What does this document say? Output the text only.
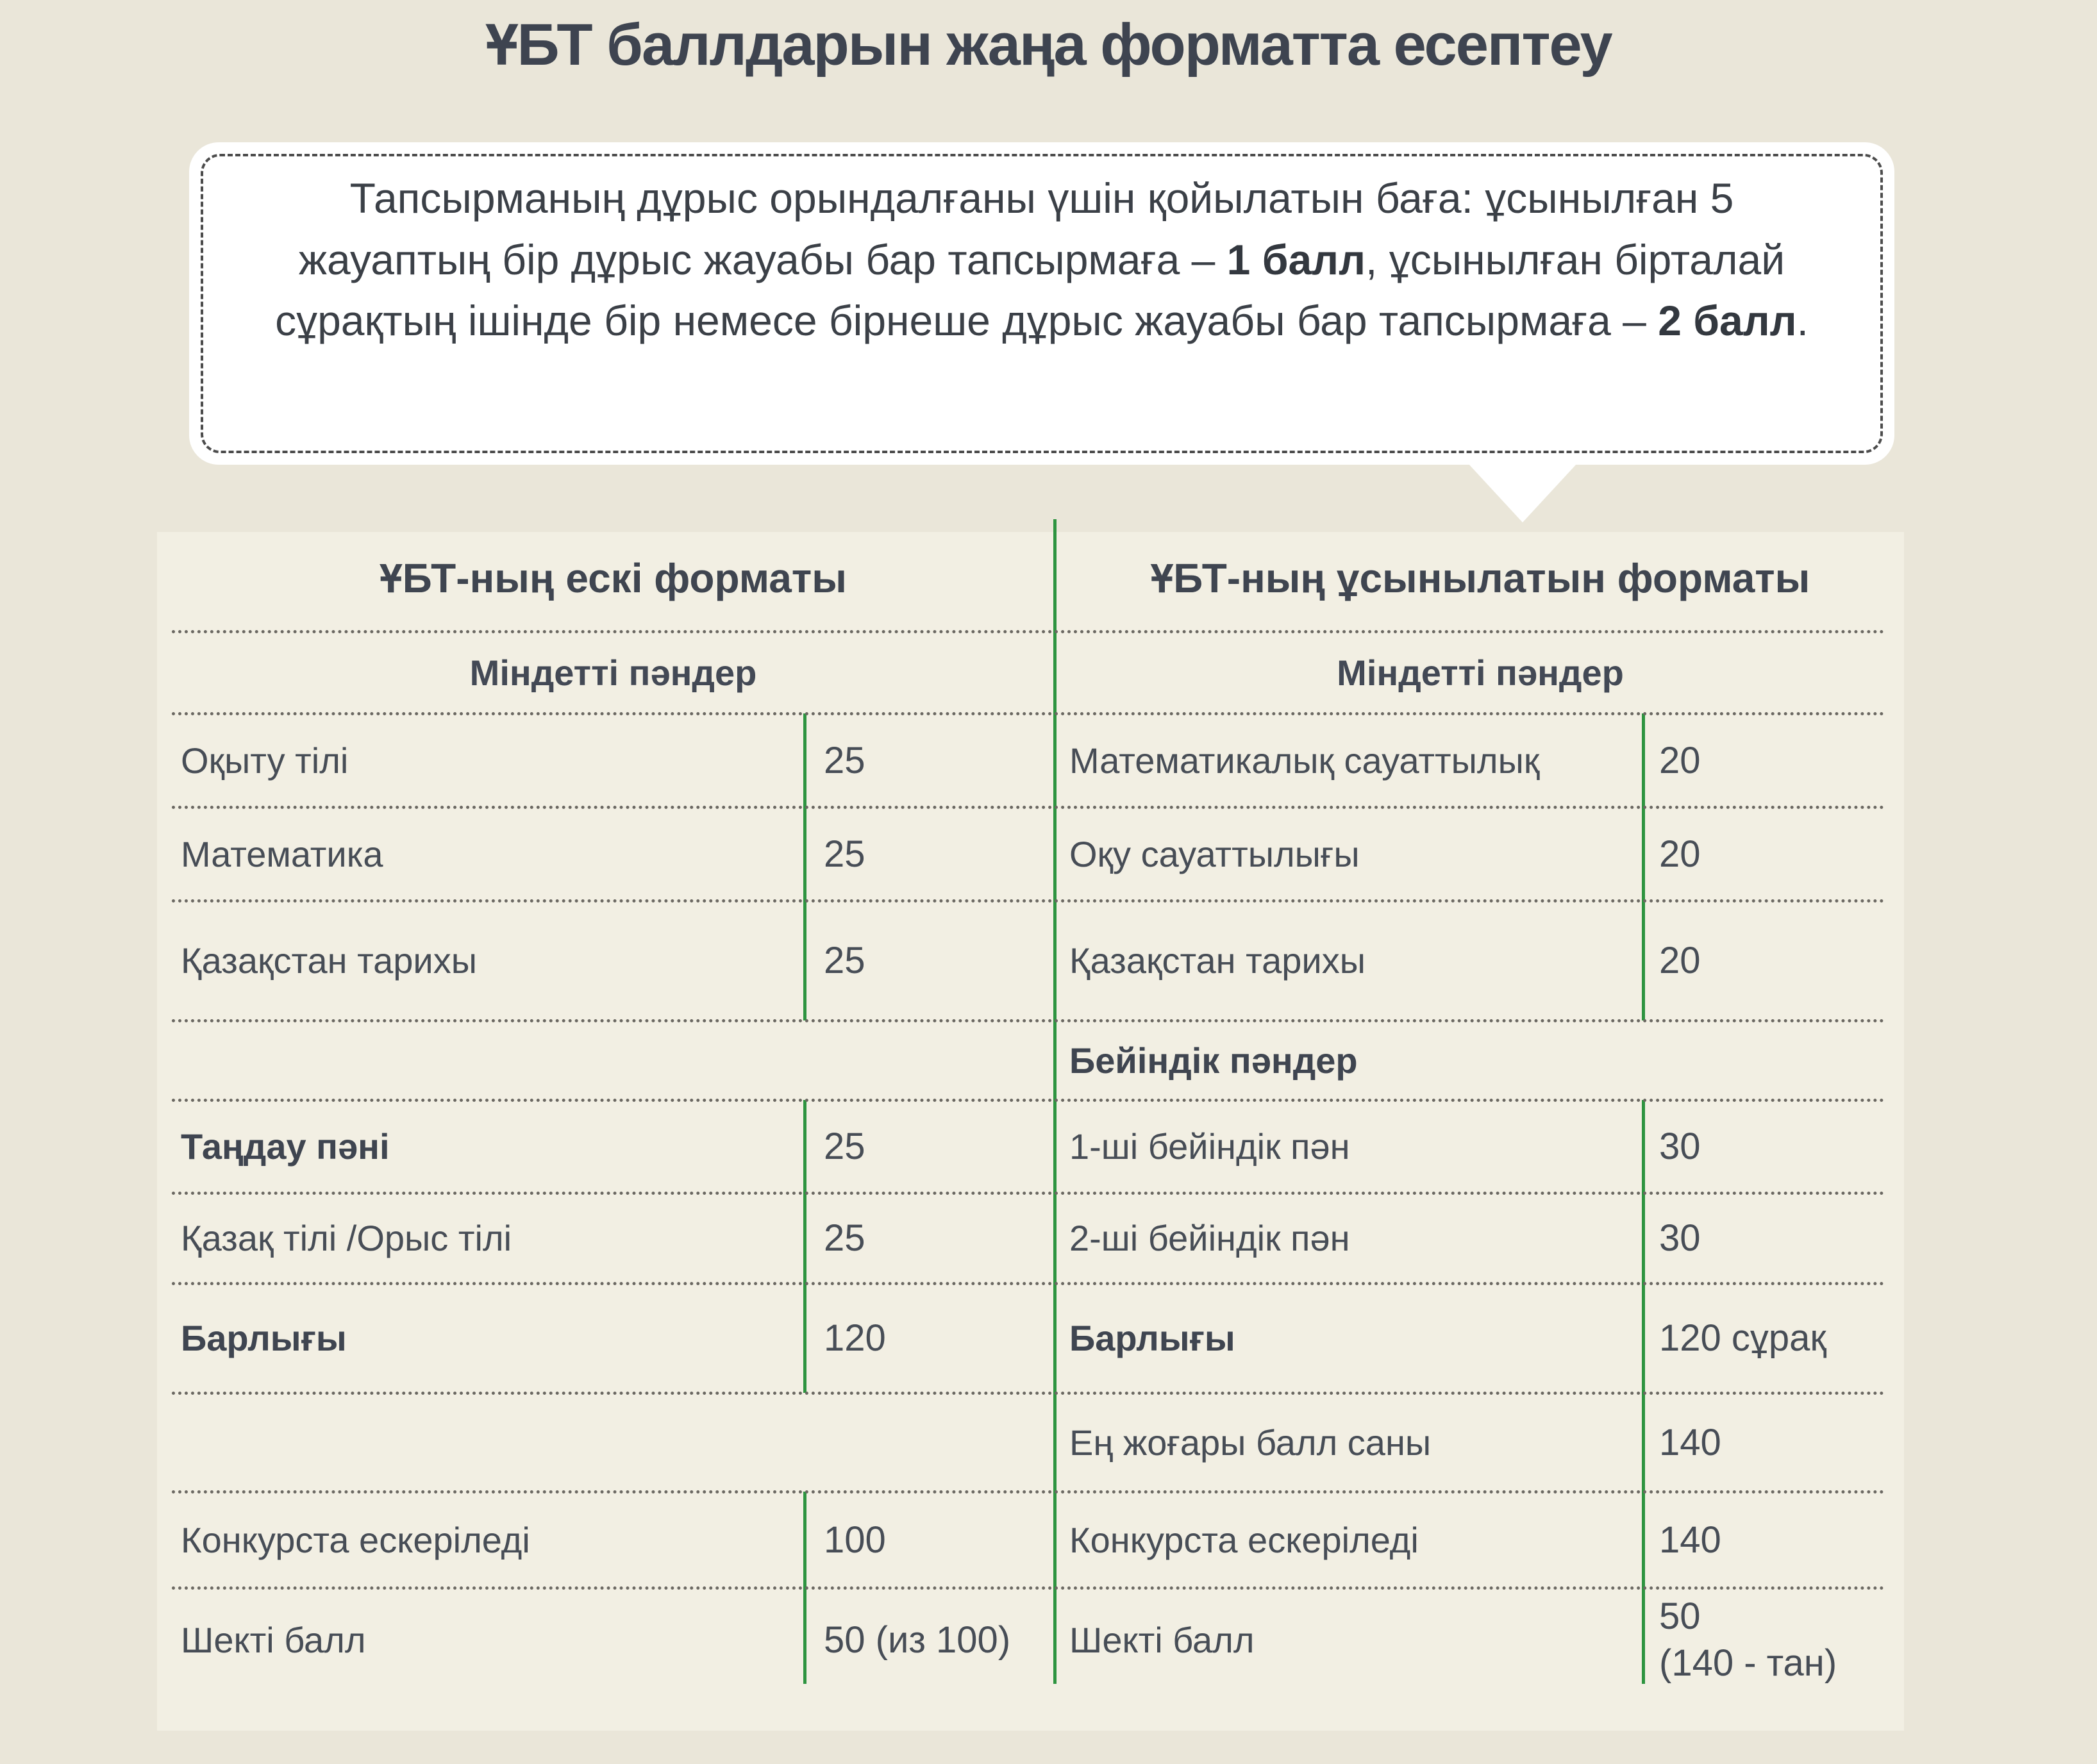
ҰБТ баллдарын жаңа форматта есептеу

Тапсырманың дұрыс орындалғаны үшін қойылатын баға: ұсынылған 5 жауаптың бір дұрыс жауабы бар тапсырмаға – 1 балл, ұсынылған бірталай сұрақтың ішінде бір немесе бірнеше дұрыс жауабы бар тапсырмаға – 2 балл.

ҰБТ-ның ескі форматы	ҰБТ-ның ұсынылатын форматы
Міндетті пәндер	Міндетті пәндер
Оқыту тілі
Математика
Қазақстан тарихы
Таңдау пәні
Қазақ тілі /Орыс тілі
Барлығы
Конкурста ескеріледі
Шекті балл
25
25
25
25
25
120
100
50 (из 100)
Математикалық сауаттылық
Оқу сауаттылығы
Қазақстан тарихы
Бейіндік пәндер
1-ші бейіндік пән
2-ші бейіндік пән
Барлығы
Ең жоғары балл саны
Конкурста ескеріледі
Шекті балл
20
20
20
30
30
120 сұрақ
140
140
50
(140 - тан)
